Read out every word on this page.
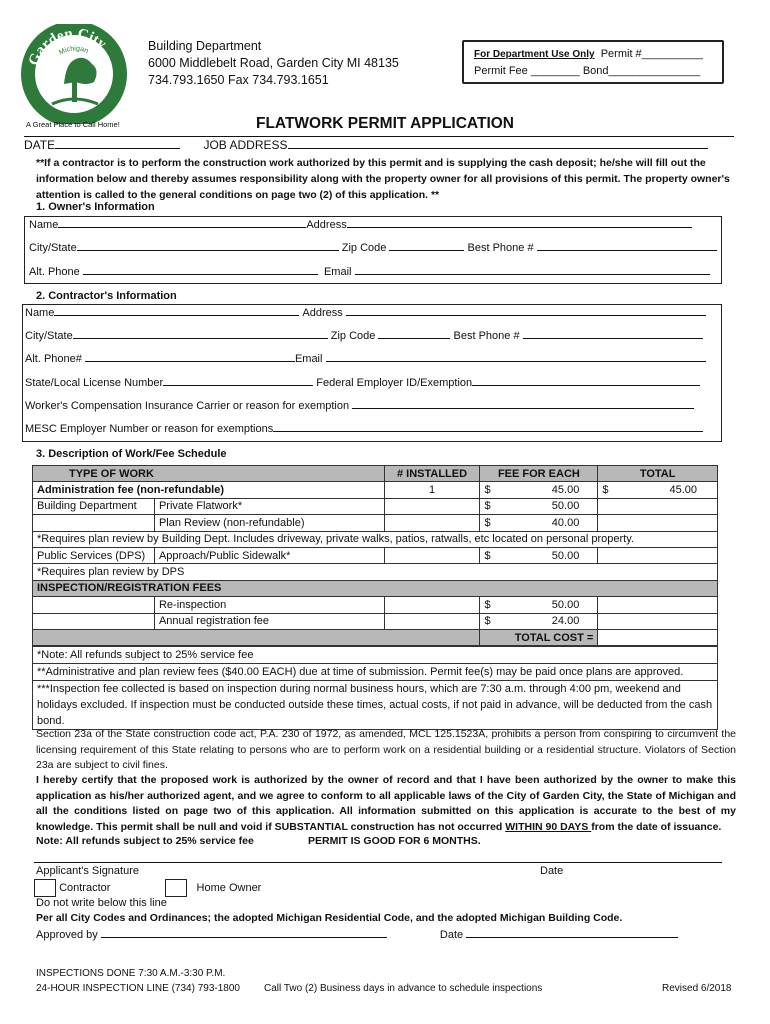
Garden City
Michigan
A Great Place to Call Home!
Building Department
6000 Middlebelt Road, Garden City MI 48135
734.793.1650 Fax 734.793.1651
For Department Use Only Permit #__________
Permit Fee ________ Bond_______________
FLATWORK PERMIT APPLICATION
DATE	JOB ADDRESS
**If a contractor is to perform the construction work authorized by this permit and is supplying the cash deposit; he/she will fill out the information below and thereby assumes responsibility along with the property owner for all provisions of this permit. The property owner's attention is called to the general conditions on page two (2) of this application. **
1. Owner's Information
Name	Address
City/State	Zip Code	Best Phone #
Alt. Phone	Email
2. Contractor's Information
Name	Address
City/State	Zip Code	Best Phone #
Alt. Phone#	Email
State/Local License Number	Federal Employer ID/Exemption
Worker's Compensation Insurance Carrier or reason for exemption
MESC Employer Number or reason for exemptions
3. Description of Work/Fee Schedule
TYPE OF WORK		# INSTALLED	FEE FOR EACH	TOTAL
Administration fee (non-refundable)		1	$ 45.00	$ 45.00

Building Department	Private Flatwork*		$ 50.00	

	Plan Review (non-refundable)		$ 40.00	

*Requires plan review by Building Dept. Includes driveway, private walks, patios, ratwalls, etc located on personal property.				
Public Services (DPS)	Approach/Public Sidewalk*		$ 50.00	

*Requires plan review by DPS				
INSPECTION/REGISTRATION FEES				
	Re-inspection		$ 50.00	

	Annual registration fee		$ 24.00	

			TOTAL COST =	
*Note: All refunds subject to 25% service fee
**Administrative and plan review fees ($40.00 EACH) due at time of submission. Permit fee(s) may be paid once plans are approved.
***Inspection fee collected is based on inspection during normal business hours, which are 7:30 a.m. through 4:00 pm, weekend and holidays excluded. If inspection must be conducted outside these times, actual costs, if not paid in advance, will be deducted from the cash bond.
Section 23a of the State construction code act, P.A. 230 of 1972, as amended, MCL 125.1523A, prohibits a person from conspiring to circumvent the licensing requirement of this State relating to persons who are to perform work on a residential building or a residential structure. Violators of Section 23a are subject to civil fines.
I hereby certify that the proposed work is authorized by the owner of record and that I have been authorized by the owner to make this application as his/her authorized agent, and we agree to conform to all applicable laws of the City of Garden City, the State of Michigan and all the conditions listed on page two of this application. All information submitted on this application is accurate to the best of my knowledge. This permit shall be null and void if SUBSTANTIAL construction has not occurred WITHIN 90 DAYS from the date of issuance.
Note: All refunds subject to 25% service fee	PERMIT IS GOOD FOR 6 MONTHS.
Applicant's Signature	Date
Contractor	Home Owner
Do not write below this line
Per all City Codes and Ordinances; the adopted Michigan Residential Code, and the adopted Michigan Building Code.
Approved by	Date
INSPECTIONS DONE 7:30 A.M.-3:30 P.M.
24-HOUR INSPECTION LINE (734) 793-1800 Call Two (2) Business days in advance to schedule inspections	Revised 6/2018
